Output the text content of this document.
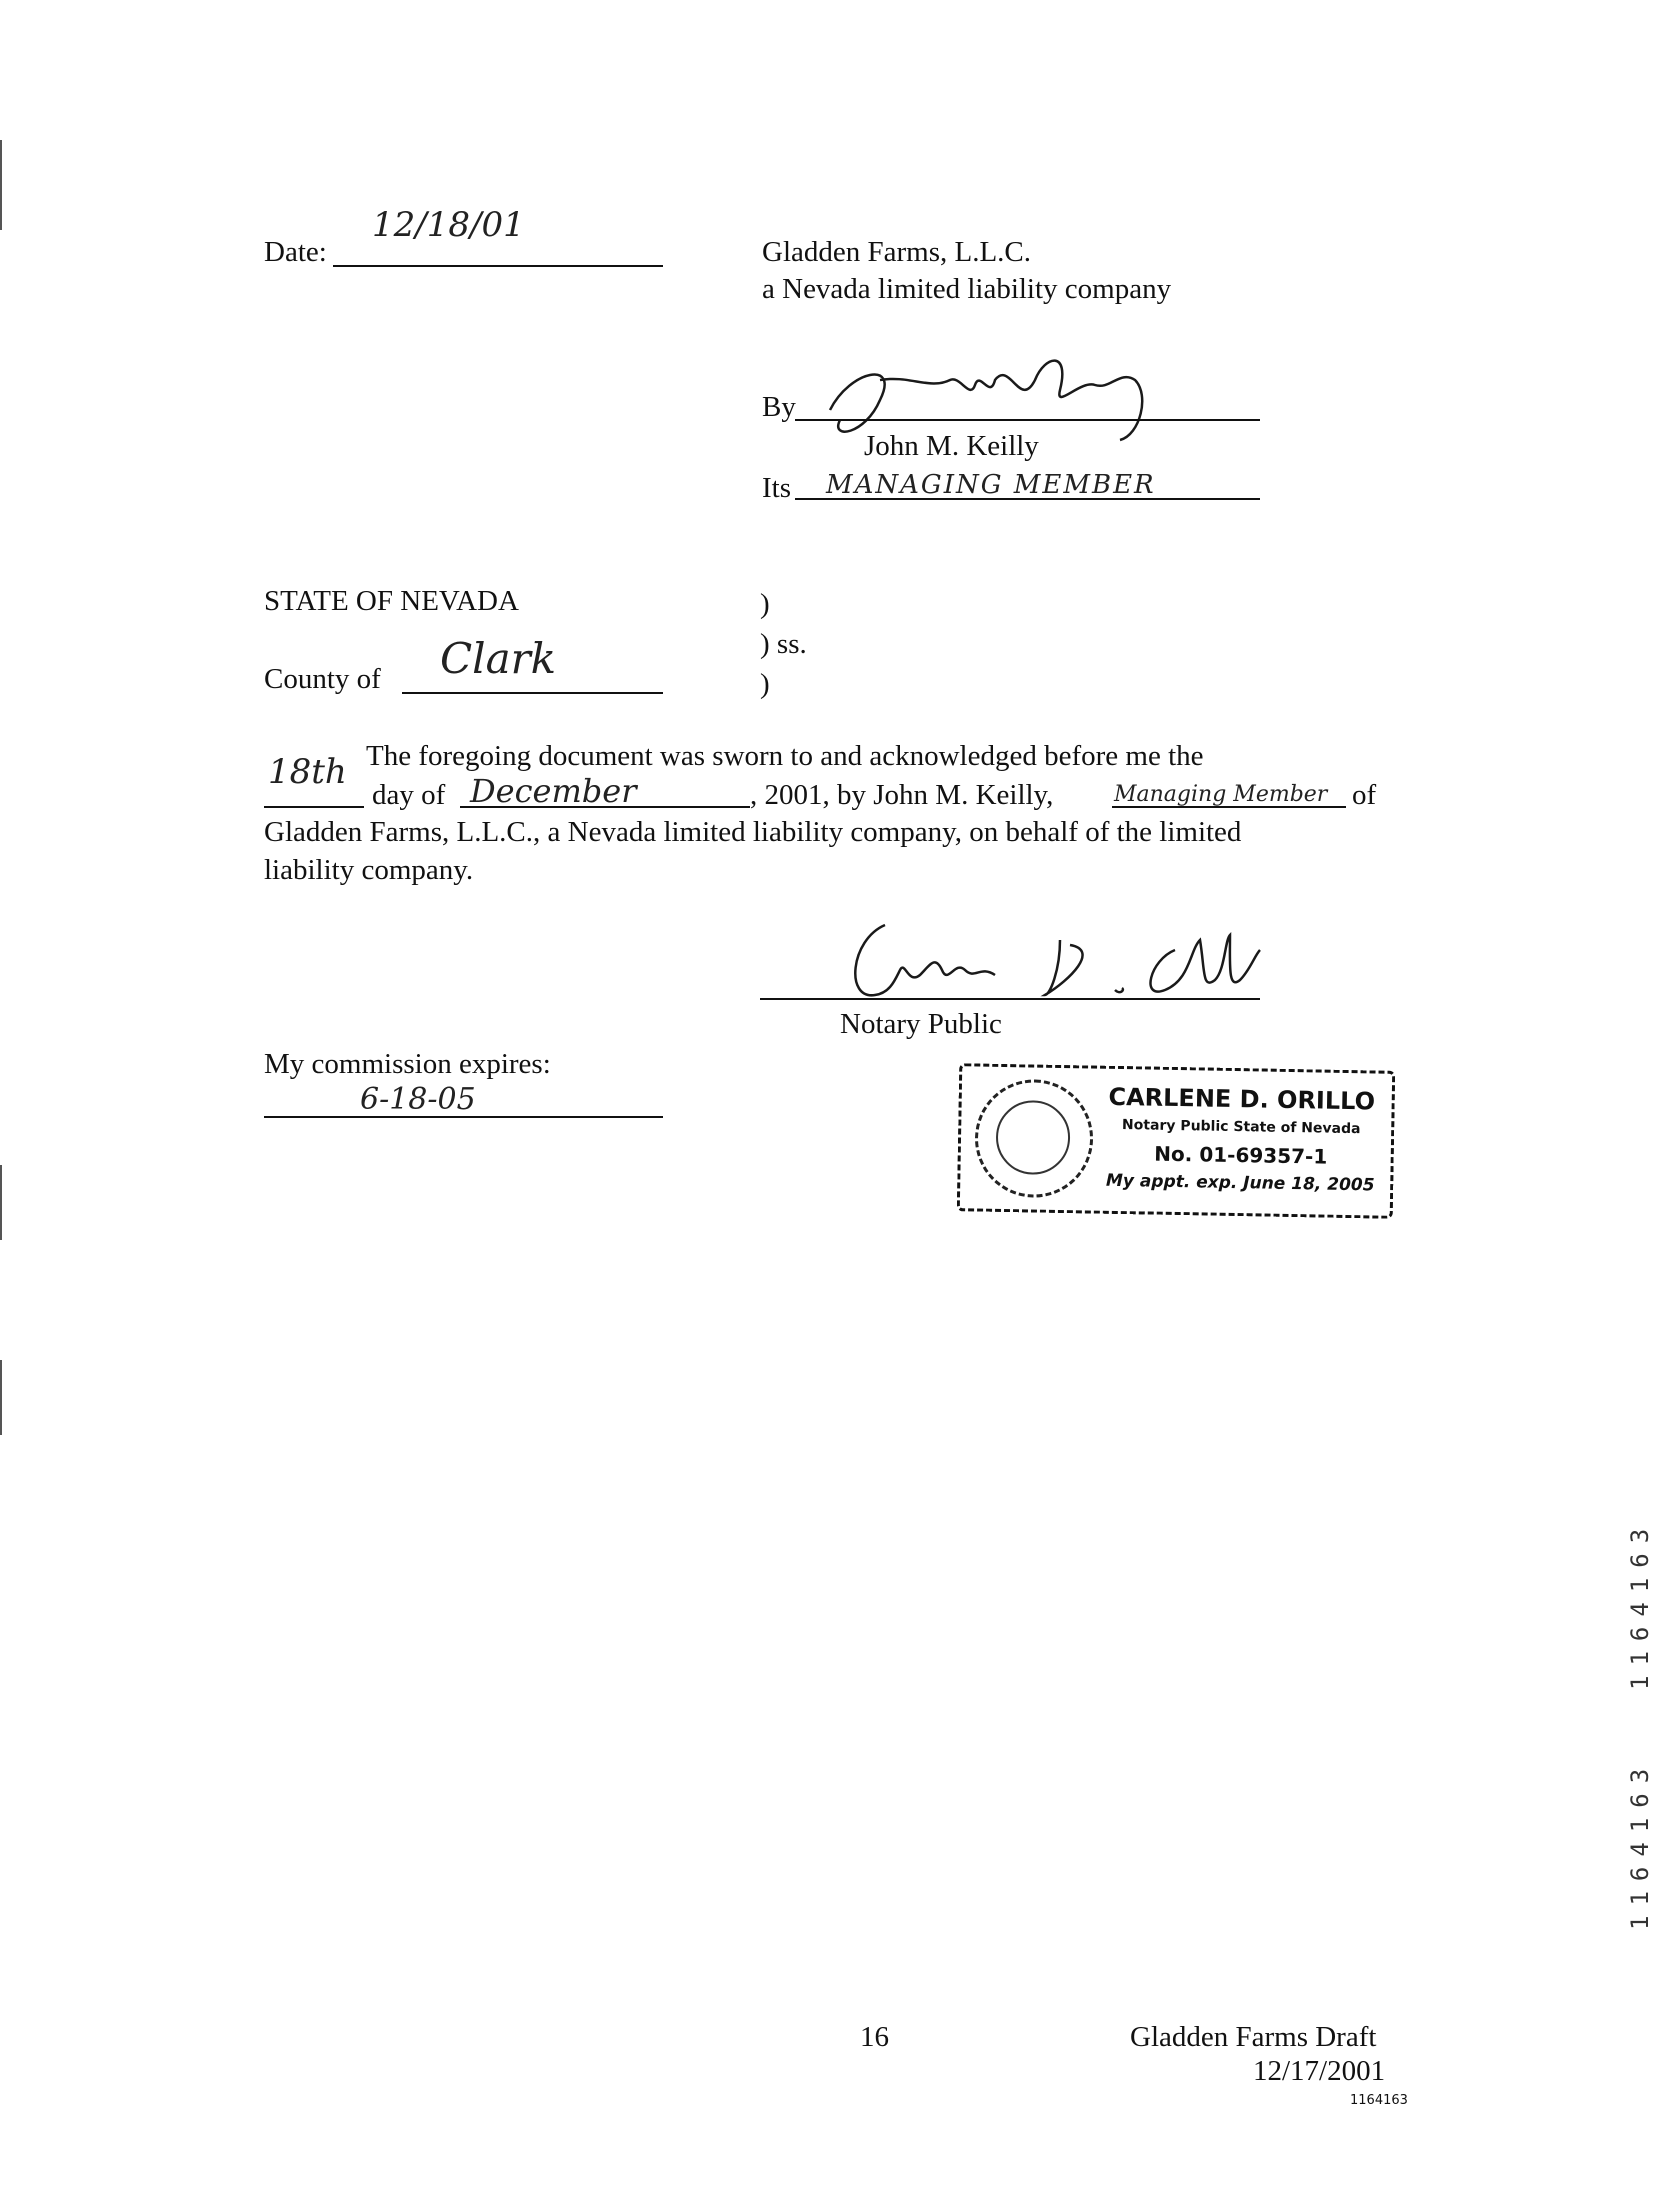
Date:
12/18/01
Gladden Farms, L.L.C.
a Nevada limited liability company
By
John M. Keilly
Its MANAGING MEMBER
STATE OF NEVADA
County of Clark
)
) ss.
)
18th The foregoing document was sworn to and acknowledged before me the
day of December	, 2001, by John M. Keilly,	Managing Member of
Gladden Farms, L.L.C., a Nevada limited liability company, on behalf of the limited
liability company.
Notary Public
My commission expires:
6-18-05	CARLENE D. ORILLO
Notary Public State of Nevada
No. 01-69357-1
My appt. exp. June 18, 2005
1164163
1164163
16	Gladden Farms Draft
12/17/2001
1164163
